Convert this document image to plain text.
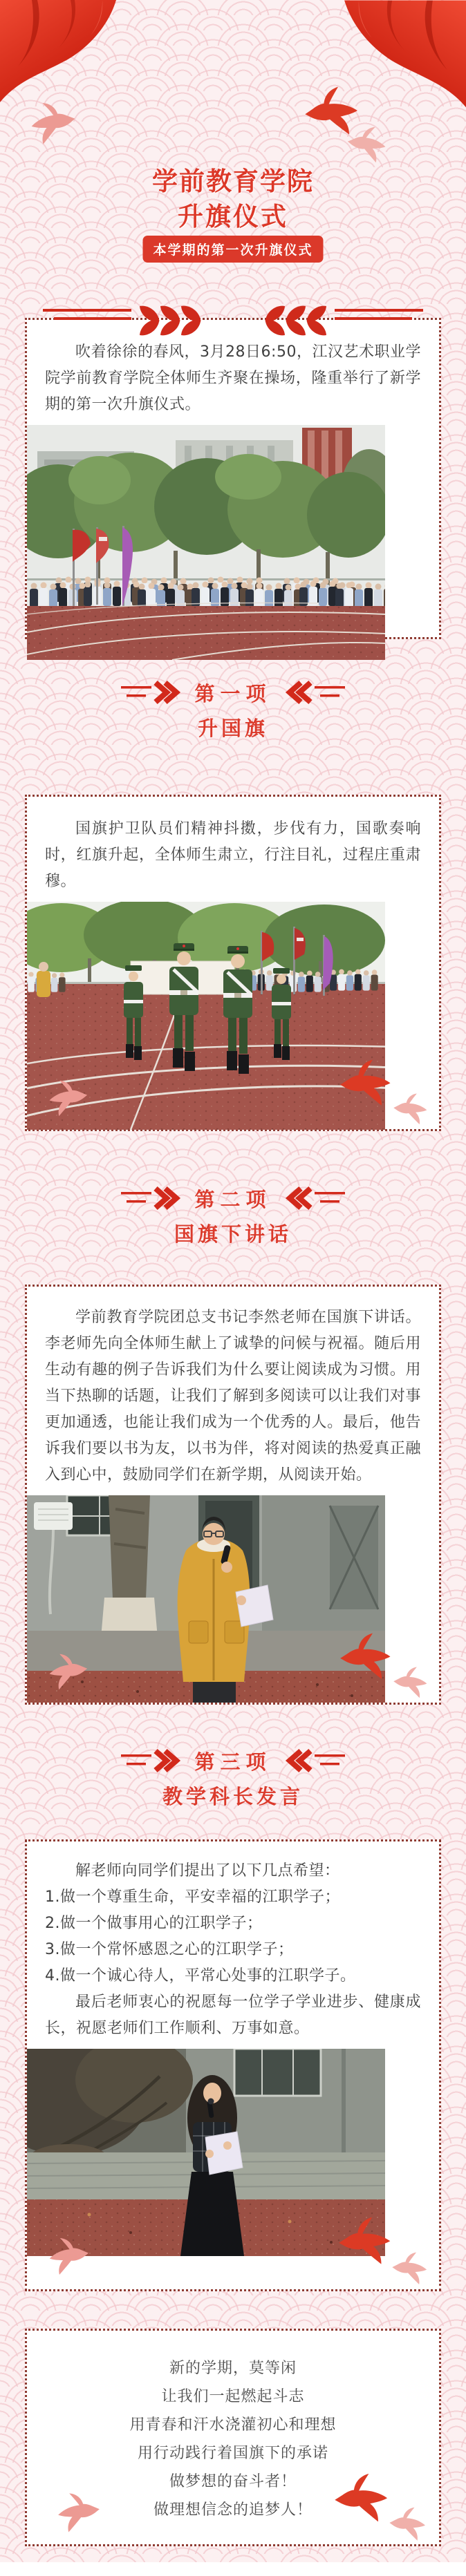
学前教育学院
升旗仪式
本学期的第一次升旗仪式

吹着徐徐的春风，3月28日6:50，江汉艺术职业学院学前教育学院全体师生齐聚在操场，隆重举行了新学期的第一次升旗仪式。

第一项
升国旗

国旗护卫队员们精神抖擞，步伐有力，国歌奏响时，红旗升起，全体师生肃立，行注目礼，过程庄重肃穆。

第二项
国旗下讲话

学前教育学院团总支书记李然老师在国旗下讲话。李老师先向全体师生献上了诚挚的问候与祝福。随后用生动有趣的例子告诉我们为什么要让阅读成为习惯。用当下热聊的话题，让我们了解到多阅读可以让我们对事更加通透，也能让我们成为一个优秀的人。最后，他告诉我们要以书为友，以书为伴，将对阅读的热爱真正融入到心中，鼓励同学们在新学期，从阅读开始。

第三项
教学科长发言

解老师向同学们提出了以下几点希望：

1.做一个尊重生命，平安幸福的江职学子；

2.做一个做事用心的江职学子；

3.做一个常怀感恩之心的江职学子；

4.做一个诚心待人，平常心处事的江职学子。

最后老师衷心的祝愿每一位学子学业进步、健康成长，祝愿老师们工作顺利、万事如意。

新的学期，莫等闲
让我们一起燃起斗志
用青春和汗水浇灌初心和理想
用行动践行着国旗下的承诺
做梦想的奋斗者！
做理想信念的追梦人！
